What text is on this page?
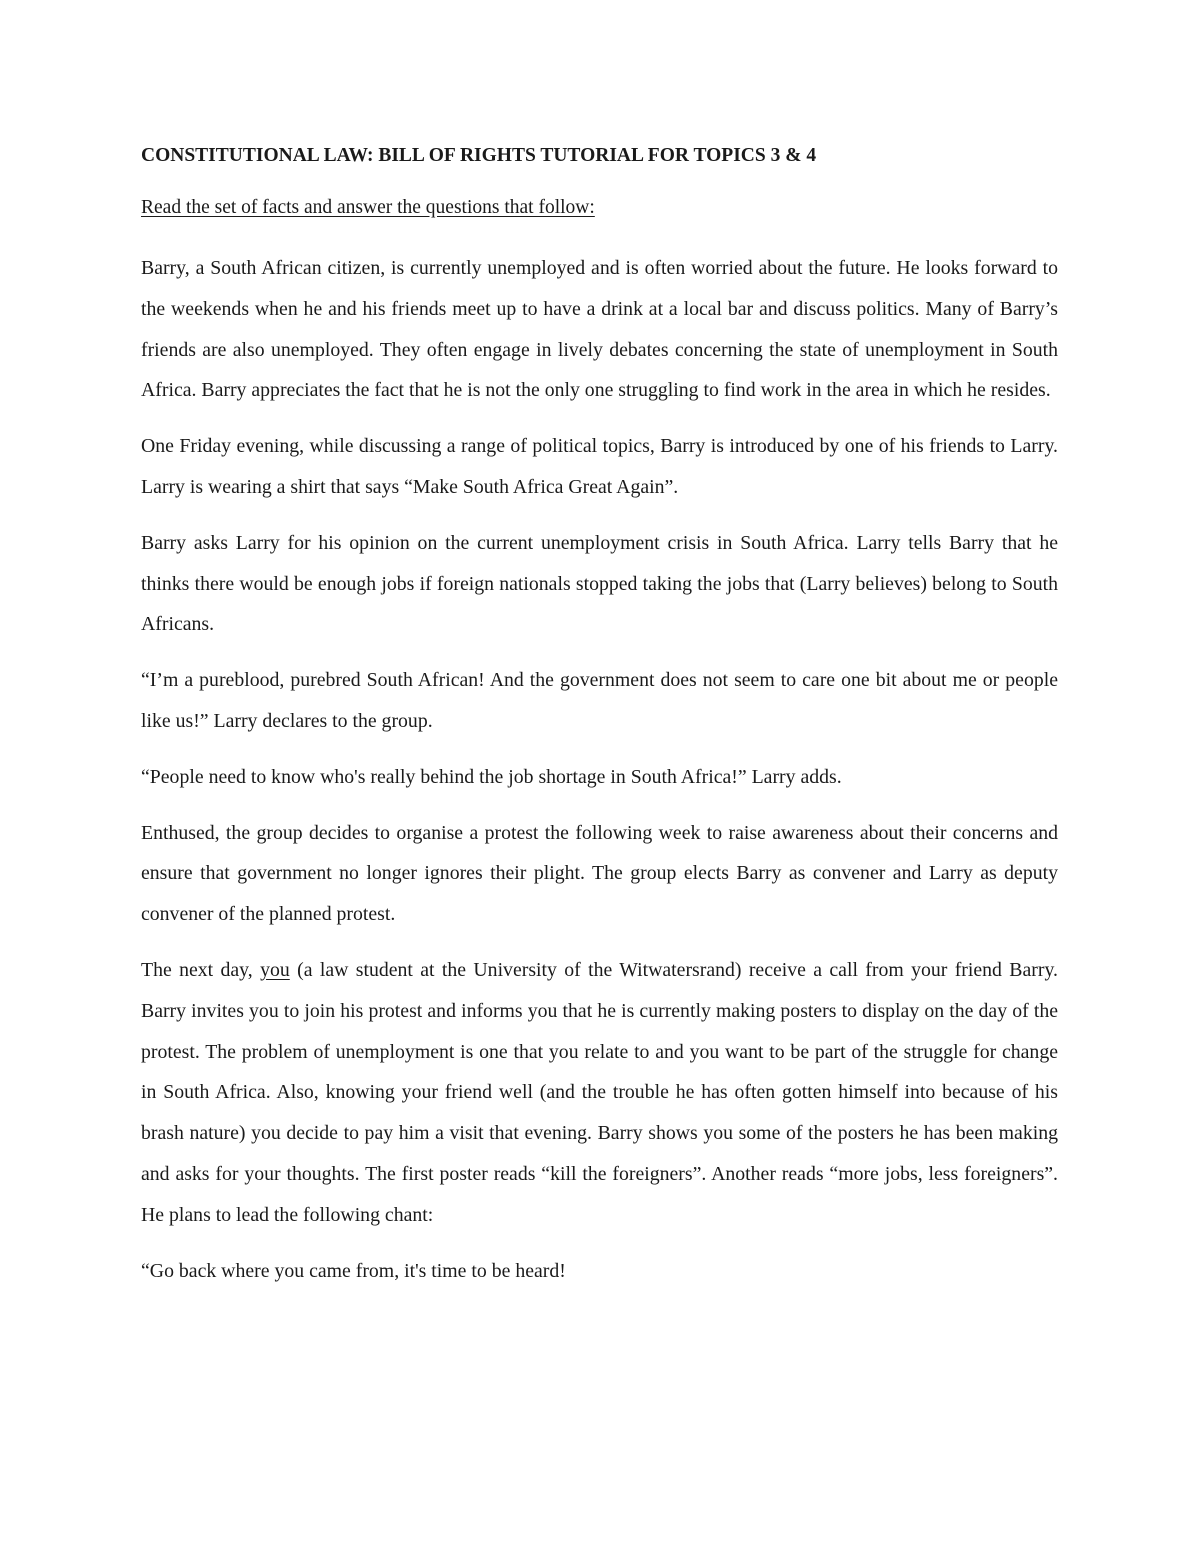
CONSTITUTIONAL LAW: BILL OF RIGHTS TUTORIAL FOR TOPICS 3 & 4

Read the set of facts and answer the questions that follow:

Barry, a South African citizen, is currently unemployed and is often worried about the future. He looks forward to the weekends when he and his friends meet up to have a drink at a local bar and discuss politics. Many of Barry’s friends are also unemployed. They often engage in lively debates concerning the state of unemployment in South Africa. Barry appreciates the fact that he is not the only one struggling to find work in the area in which he resides.

One Friday evening, while discussing a range of political topics, Barry is introduced by one of his friends to Larry. Larry is wearing a shirt that says “Make South Africa Great Again”.

Barry asks Larry for his opinion on the current unemployment crisis in South Africa. Larry tells Barry that he thinks there would be enough jobs if foreign nationals stopped taking the jobs that (Larry believes) belong to South Africans.

“I’m a pureblood, purebred South African! And the government does not seem to care one bit about me or people like us!” Larry declares to the group.

“People need to know who's really behind the job shortage in South Africa!” Larry adds.

Enthused, the group decides to organise a protest the following week to raise awareness about their concerns and ensure that government no longer ignores their plight. The group elects Barry as convener and Larry as deputy convener of the planned protest.

The next day, you (a law student at the University of the Witwatersrand) receive a call from your friend Barry. Barry invites you to join his protest and informs you that he is currently making posters to display on the day of the protest. The problem of unemployment is one that you relate to and you want to be part of the struggle for change in South Africa. Also, knowing your friend well (and the trouble he has often gotten himself into because of his brash nature) you decide to pay him a visit that evening. Barry shows you some of the posters he has been making and asks for your thoughts. The first poster reads “kill the foreigners”. Another reads “more jobs, less foreigners”. He plans to lead the following chant:

“Go back where you came from, it's time to be heard!
